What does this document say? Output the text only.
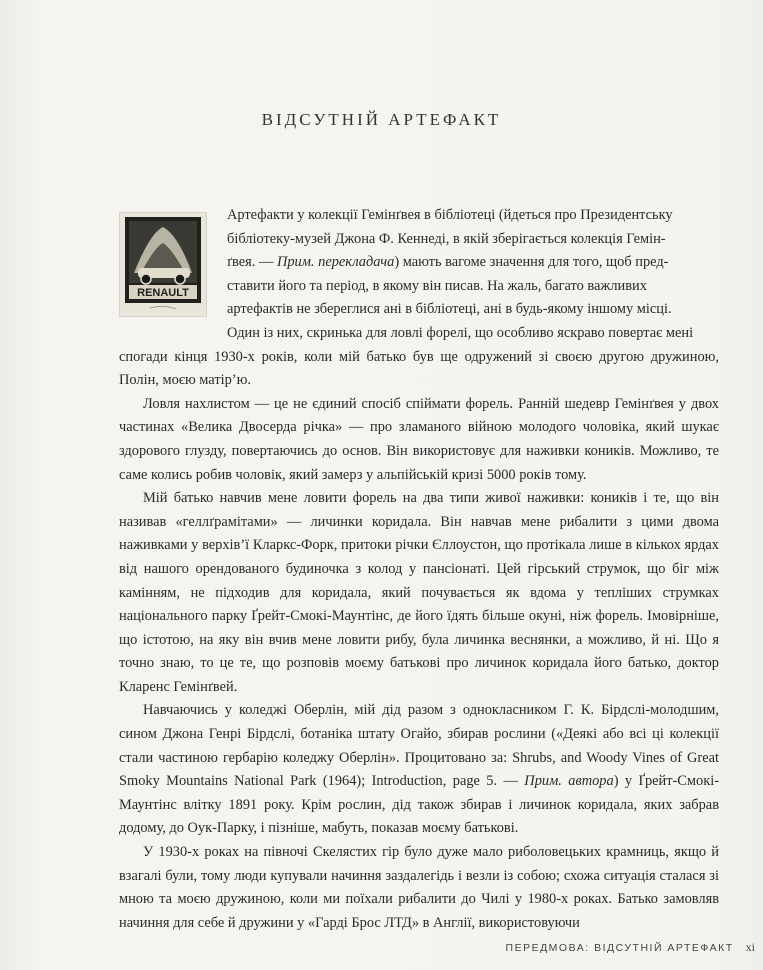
ВІДСУТНІЙ АРТЕФАКТ
RENAULT

Артефакти у колекції Гемінґвея в бібліотеці (йдеться про Президентську

бібліотеку-музей Джона Ф. Кеннеді, в якій зберігається колекція Гемін-

ґвея. — Прим. перекладача) мають вагоме значення для того, щоб пред-

ставити його та період, в якому він писав. На жаль, багато важливих

артефактів не збереглися ані в бібліотеці, ані в будь-якому іншому місці.

Один із них, скринька для ловлі форелі, що особливо яскраво повертає мені

спогади кінця 1930-х років, коли мій батько був ще одружений зі своєю другою дружиною, Полін, моєю матір’ю.

Ловля нахлистом — це не єдиний спосіб спіймати форель. Ранній шедевр Гемінґвея у двох частинах «Велика Двосерда річка» — про зламаного війною молодого чоловіка, який шукає здорового глузду, повертаючись до основ. Він використовує для наживки коників. Можливо, те саме колись робив чоловік, який замерз у альпійській кризі 5000 років тому.

Мій батько навчив мене ловити форель на два типи живої наживки: коників і те, що він називав «геллґрамітами» — личинки коридала. Він навчав мене рибалити з цими двома наживками у верхів’ї Кларкс-Форк, притоки річки Єллоустон, що протікала лише в кількох ярдах від нашого орендованого будиночка з колод у пансіонаті. Цей гірський струмок, що біг між камінням, не підходив для коридала, який почувається як вдома у теплішиx струмках національного парку Ґрейт-Смокі-Маунтінс, де його їдять більше окуні, ніж форель. Імовірніше, що істотою, на яку він вчив мене ловити рибу, була личинка веснянки, а можливо, й ні. Що я точно знаю, то це те, що розповів моєму батькові про личинок коридала його батько, доктор Кларенс Гемінґвей.

Навчаючись у коледжі Оберлін, мій дід разом з однокласником Г. К. Бірдслі-молодшим, сином Джона Генрі Бірдслі, ботаніка штату Огайо, збирав рослини («Деякі або всі ці колекції стали частиною гербарію коледжу Оберлін». Процитовано за: Shrubs, and Woody Vines of Great Smoky Mountains National Park (1964); Introduction, page 5. — Прим. автора) у Ґрейт-Смокі-Маунтінс влітку 1891 року. Крім рослин, дід також збирав і личинок коридала, яких забрав додому, до Оук-Парку, і пізніше, мабуть, показав моєму батькові.

У 1930-х роках на півночі Скелястих гір було дуже мало риболовецьких крамниць, якщо й взагалі були, тому люди купували начиння заздалегідь і везли із собою; схожа ситуація сталася зі мною та моєю дружиною, коли ми поїхали рибалити до Чилі у 1980-х роках. Батько замовляв начиння для себе й дружини у «Гарді Брос ЛТД» в Англії, використовуючи

ПЕРЕДМОВА: ВІДСУТНІЙ АРТЕФАКТ xi
